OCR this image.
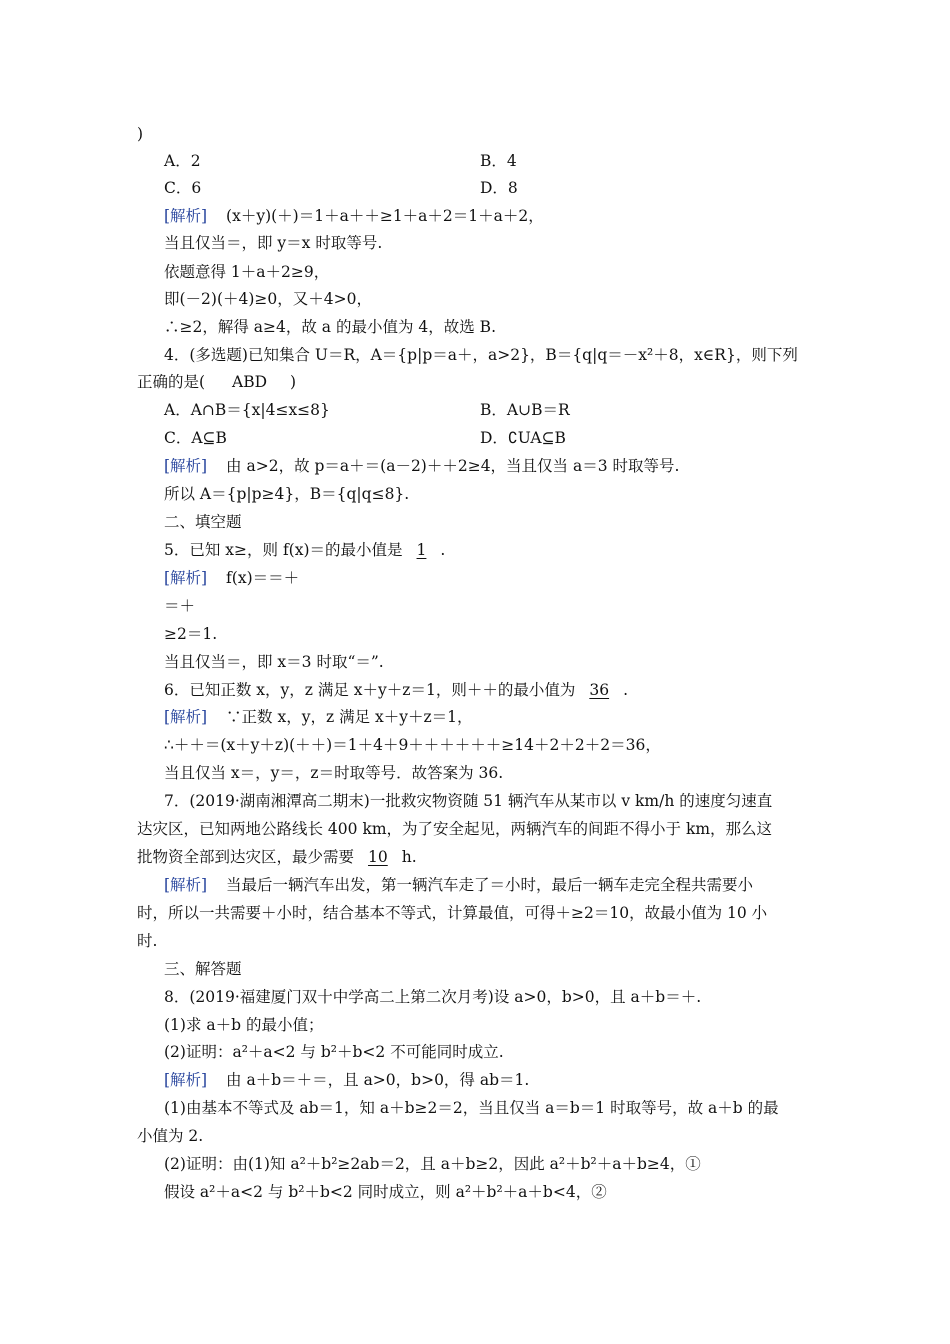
)
A．2	B．4
C．6	D．8
[解析] (x＋y)(＋)＝1＋a＋＋≥1＋a＋2＝1＋a＋2，
当且仅当＝，即 y＝x 时取等号.
依题意得 1＋a＋2≥9，
即(－2)(＋4)≥0，又＋4>0，
∴≥2，解得 a≥4，故 a 的最小值为 4，故选 B.
4．(多选题)已知集合 U＝R，A＝{p|p＝a＋，a>2}，B＝{q|q＝－x²＋8，x∈R}，则下列
正确的是( ABD )
A．A∩B＝{x|4≤x≤8}	B．A∪B＝R
C．A⊆B	D．∁UA⊆B
[解析] 由 a>2，故 p＝a＋＝(a－2)＋＋2≥4，当且仅当 a＝3 时取等号.
所以 A＝{p|p≥4}，B＝{q|q≤8}.
二、填空题
5．已知 x≥，则 f(x)＝的最小值是 1 .
[解析] f(x)＝＝＋
＝＋
≥2＝1.
当且仅当＝，即 x＝3 时取“＝”.
6．已知正数 x，y，z 满足 x＋y＋z＝1，则＋＋的最小值为 36 .
[解析] ∵正数 x，y，z 满足 x＋y＋z＝1，
∴＋＋＝(x＋y＋z)(＋＋)＝1＋4＋9＋＋＋＋＋＋≥14＋2＋2＋2＝36，
当且仅当 x＝，y＝，z＝时取等号．故答案为 36.
7．(2019·湖南湘潭高二期末)一批救灾物资随 51 辆汽车从某市以 v km/h 的速度匀速直
达灾区，已知两地公路线长 400 km，为了安全起见，两辆汽车的间距不得小于 km，那么这
批物资全部到达灾区，最少需要 10 h.
[解析] 当最后一辆汽车出发，第一辆汽车走了＝小时，最后一辆车走完全程共需要小
时，所以一共需要＋小时，结合基本不等式，计算最值，可得＋≥2＝10，故最小值为 10 小
时.
三、解答题
8．(2019·福建厦门双十中学高二上第二次月考)设 a>0，b>0，且 a＋b＝＋.
(1)求 a＋b 的最小值；
(2)证明：a²＋a<2 与 b²＋b<2 不可能同时成立.
[解析] 由 a＋b＝＋＝，且 a>0，b>0，得 ab＝1.
(1)由基本不等式及 ab＝1，知 a＋b≥2＝2，当且仅当 a＝b＝1 时取等号，故 a＋b 的最
小值为 2.
(2)证明：由(1)知 a²＋b²≥2ab＝2，且 a＋b≥2，因此 a²＋b²＋a＋b≥4，①
假设 a²＋a<2 与 b²＋b<2 同时成立，则 a²＋b²＋a＋b<4，②
